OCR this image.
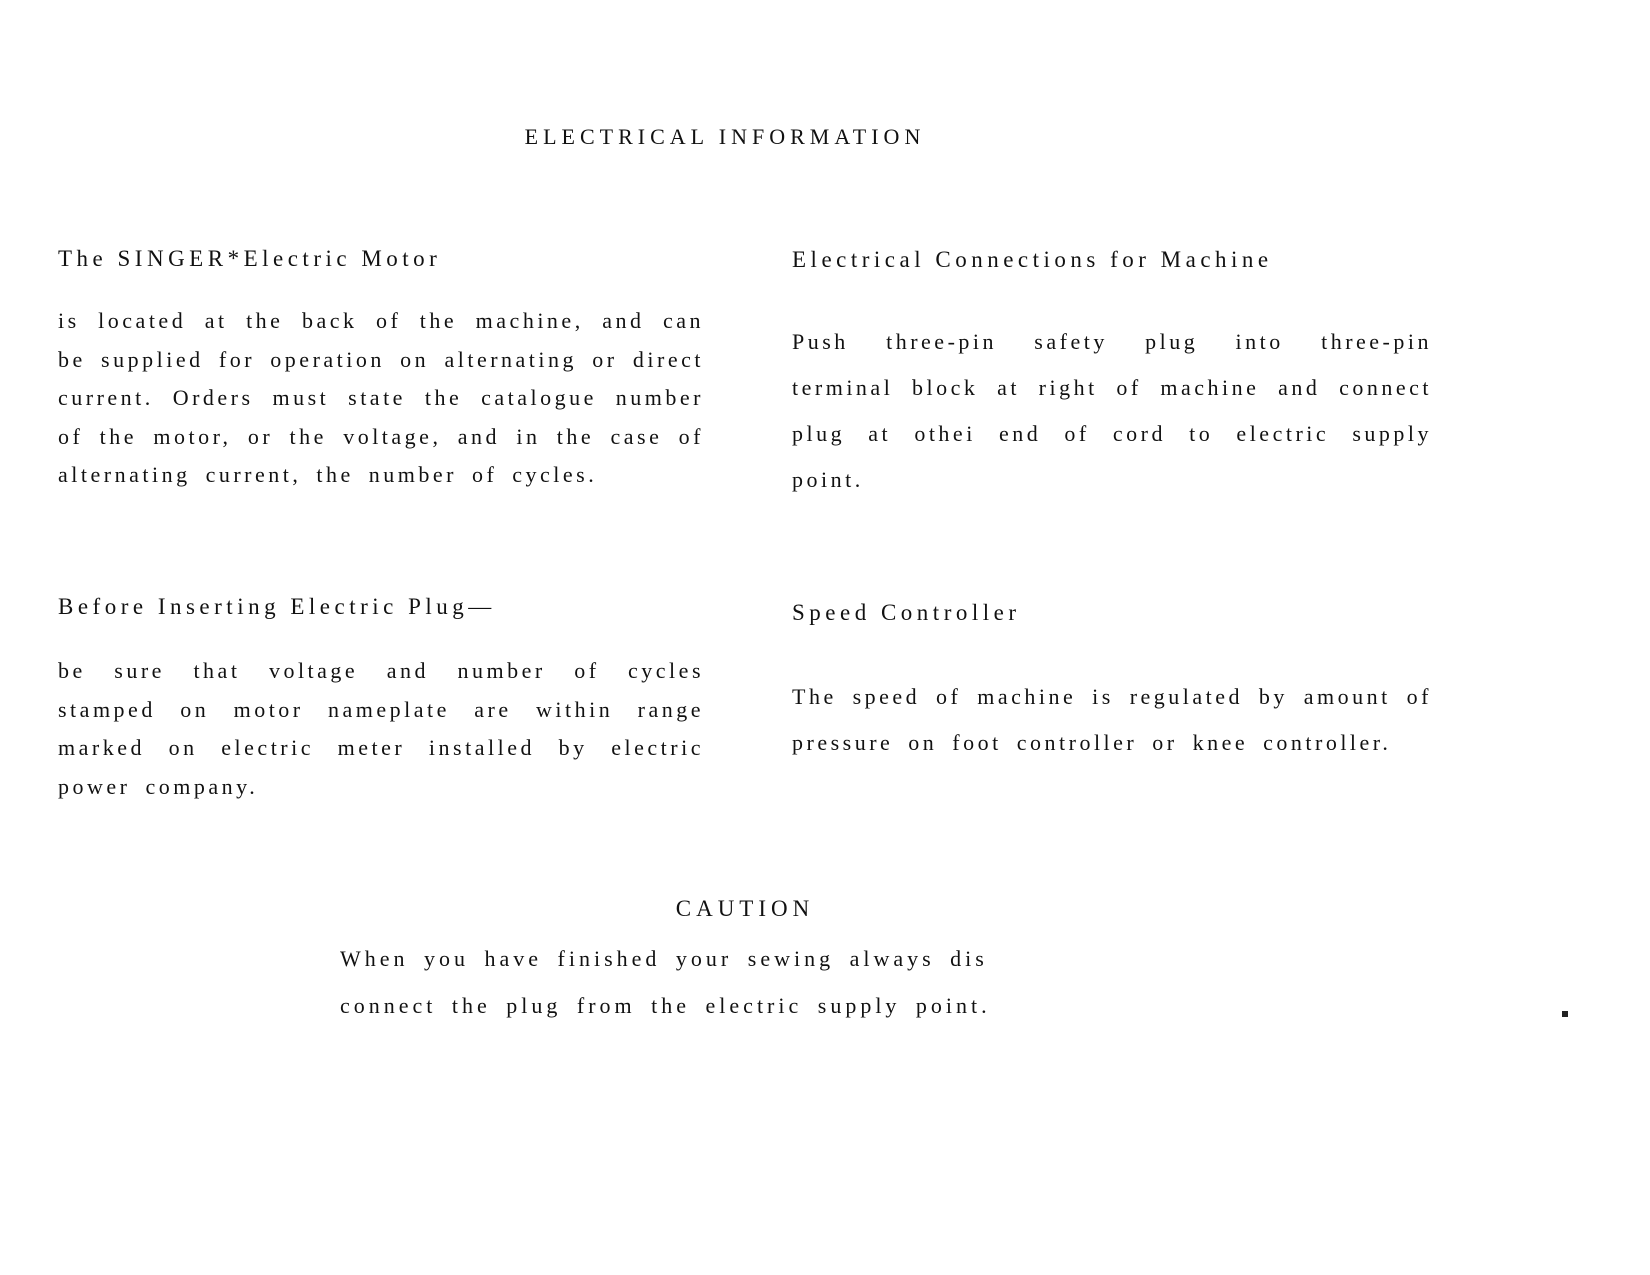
ELECTRICAL INFORMATION
The SINGER*Electric Motor

is located at the back of the machine, and can be supplied for operation on alternating or direct current. Orders must state the catalogue number of the motor, or the voltage, and in the case of alternating current, the number of cycles.

Before Inserting Electric Plug—

be sure that voltage and number of cycles stamped on motor nameplate are within range marked on electric meter installed by electric power company.

Electrical Connections for Machine

Push three-pin safety plug into three-pin terminal block at right of machine and connect plug at othei end of cord to electric supply point.

Speed Controller

The speed of machine is regulated by amount of pressure on foot controller or knee controller.

CAUTION

When you have finished your sewing always dis connect the plug from the electric supply point.
